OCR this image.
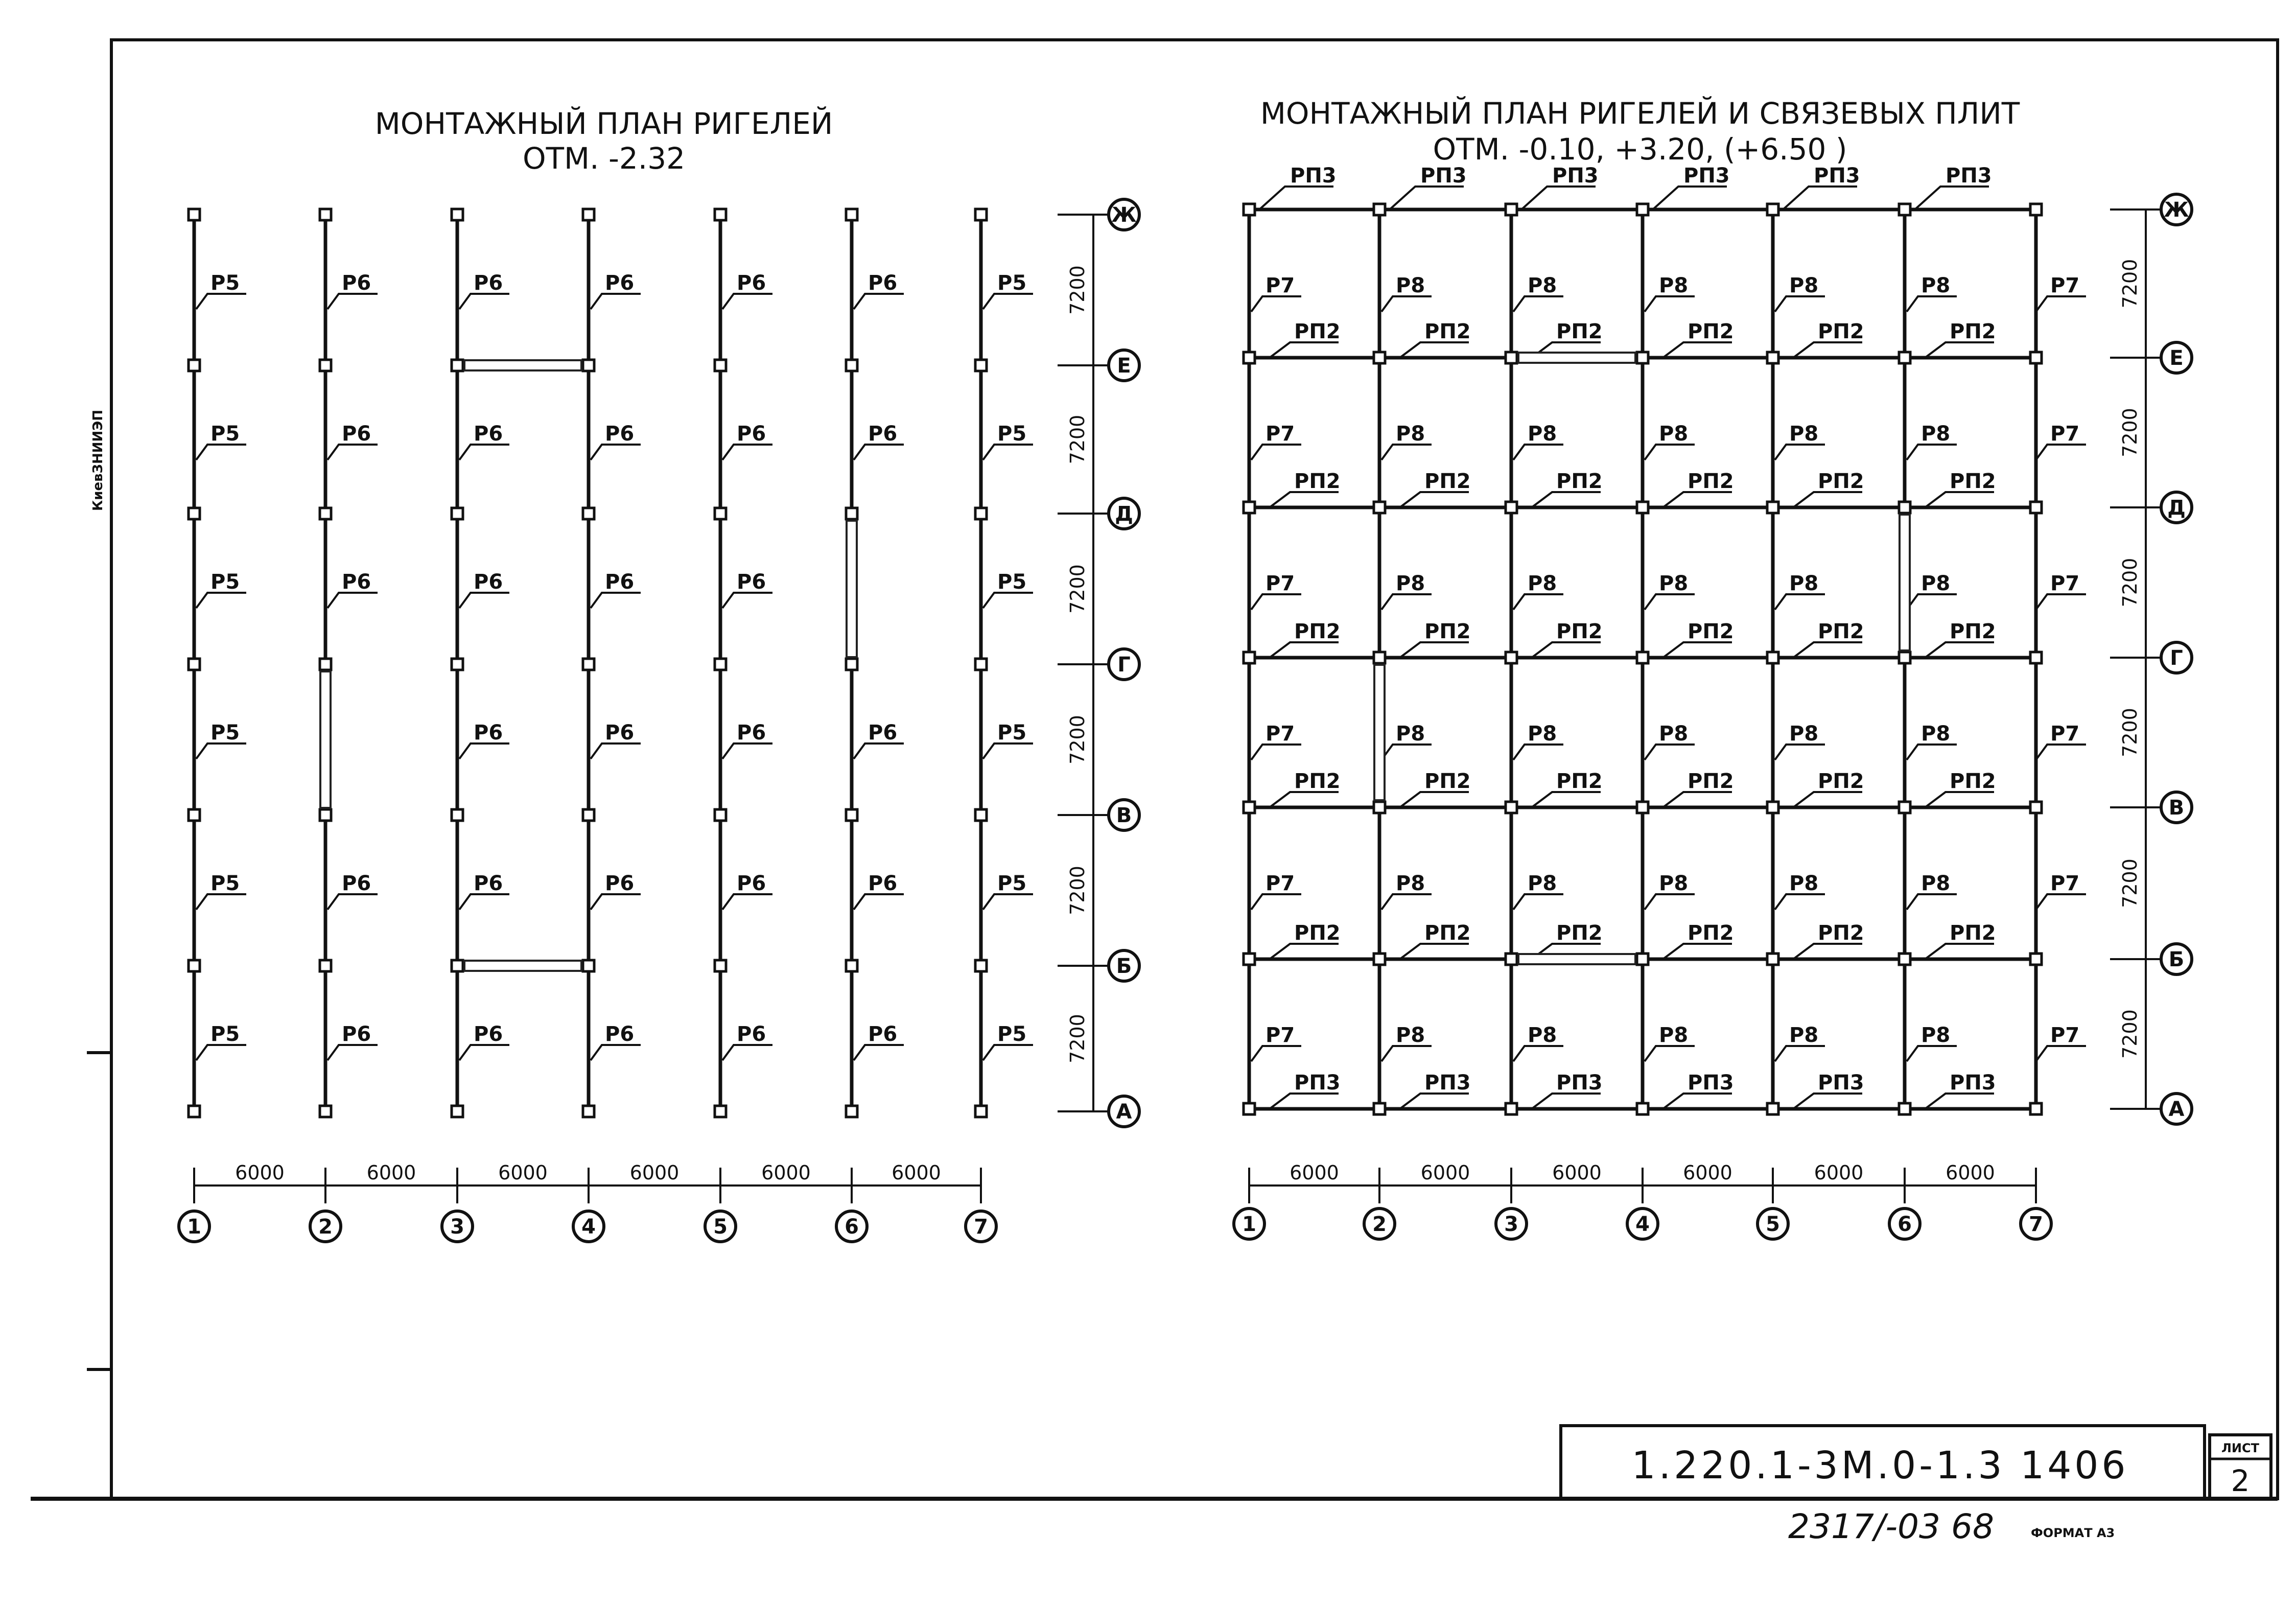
КиевЗНИИЭП
МОНТАЖНЫЙ ПЛАН РИГЕЛЕЙ
ОТМ. -2.32
МОНТАЖНЫЙ ПЛАН РИГЕЛЕЙ И СВЯЗЕВЫХ ПЛИТ
ОТМ. -0.10, +3.20, (+6.50 )
Р5
Р5
Р5
Р5
Р5
Р5
Р6
Р6
Р6
Р6
Р6
Р6
Р6
Р6
Р6
Р6
Р6
Р6
Р6
Р6
Р6
Р6
Р6
Р6
Р6
Р6
Р6
Р6
Р6
Р6
Р6
Р6
Р6
Р6
Р5
Р5
Р5
Р5
Р5
Р5
6000	6000	6000	6000	6000	6000
1	2	3	4	5	6	7
Ж
Е
Д
Г
В
Б
А
7200
7200
7200
7200
7200
7200
РП3	РП3	РП3	РП3	РП3	РП3
Р7
РП2
Р8
РП2
Р8
РП2
Р8
РП2
Р8
РП2
Р8
РП2
Р7
Р7
РП2
Р8
РП2
Р8
РП2
Р8
РП2
Р8
РП2
Р8
РП2
Р7
Р7
РП2
Р8
РП2
Р8
РП2
Р8
РП2
Р8
РП2
Р8
РП2
Р7
Р7
РП2
Р8
РП2
Р8
РП2
Р8
РП2
Р8
РП2
Р8
РП2
Р7
Р7
РП2
Р8
РП2
Р8
РП2
Р8
РП2
Р8
РП2
Р8
РП2
Р7
Р7
РП3
Р8
РП3
Р8
РП3
Р8
РП3
Р8
РП3
Р8
РП3
Р7
6000	6000	6000	6000	6000	6000
1	2	3	4	5	6	7
Ж
Е
Д
Г
В
Б
А
7200
7200
7200
7200
7200
7200
1.220.1-3М.0-1.3 1406	ЛИСТ
2
2317/-03 68	ФОРМАТ А3
